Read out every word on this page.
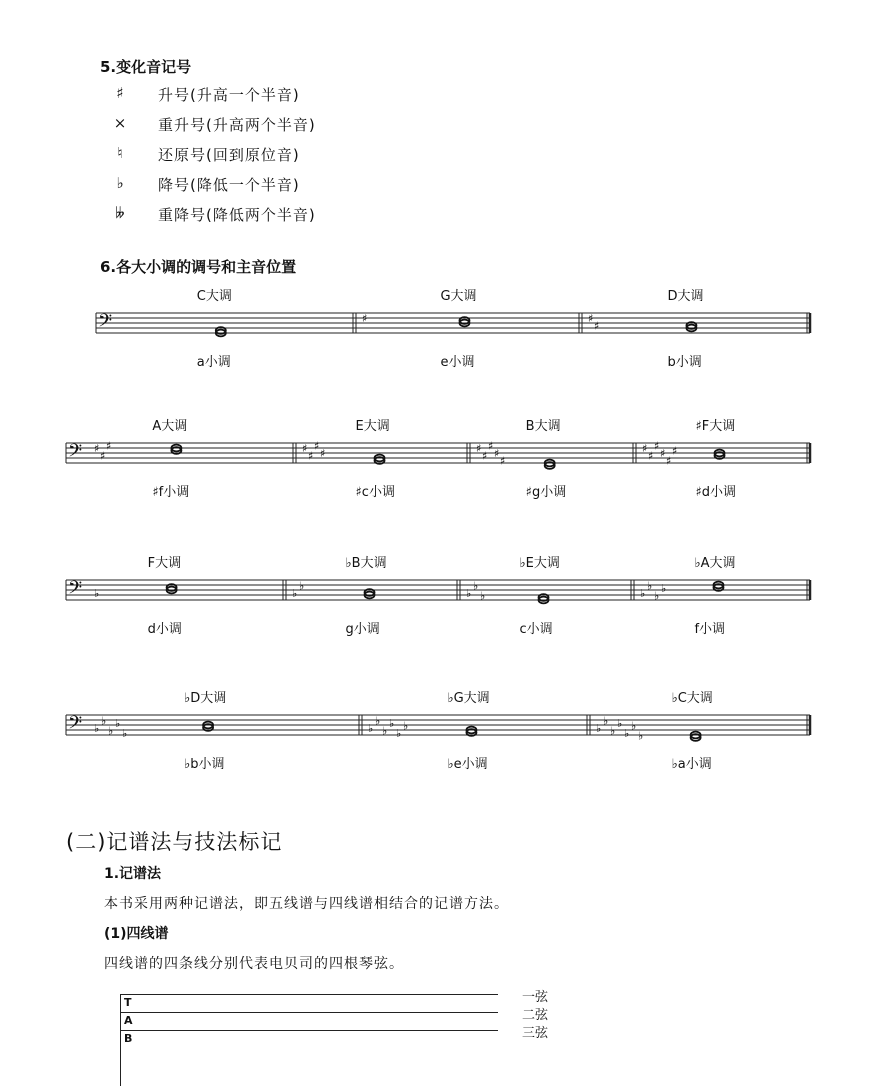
5.变化音记号
♯	升号(升高一个半音)
× 重升号(升高两个半音)
♮	还原号(回到原位音)
♭	降号(降低一个半音)
𝄫	重降号(降低两个半音)
6.各大小调的调号和主音位置
𝄢	♯	♯
♯
𝄢 ♯
♯
♯	♯
♯
♯
♯	♯
♯
♯
♯
♯
♯
♯
♯
♯
♯
♯
𝄢 ♭	♭
♭
♭
♭
♭	♭
♭
♭
♭
𝄢 ♭
♭
♭
♭
♭	♭
♭
♭
♭
♭
♭	♭
♭
♭
♭
♭
♭
♭
C大调
a小调
G大调
e小调
D大调
b小调
A大调
♯f小调
E大调
♯c小调
B大调
♯g小调
♯F大调
♯d小调
F大调
d小调
♭B大调
g小调
♭E大调
c小调
♭A大调
f小调
♭D大调
♭b小调
♭G大调
♭e小调
♭C大调
♭a小调
(二)记谱法与技法标记
1.记谱法
本书采用两种记谱法，即五线谱与四线谱相结合的记谱方法。
(1)四线谱
四线谱的四条线分别代表电贝司的四根琴弦。
T	一弦
A	二弦
B	三弦
